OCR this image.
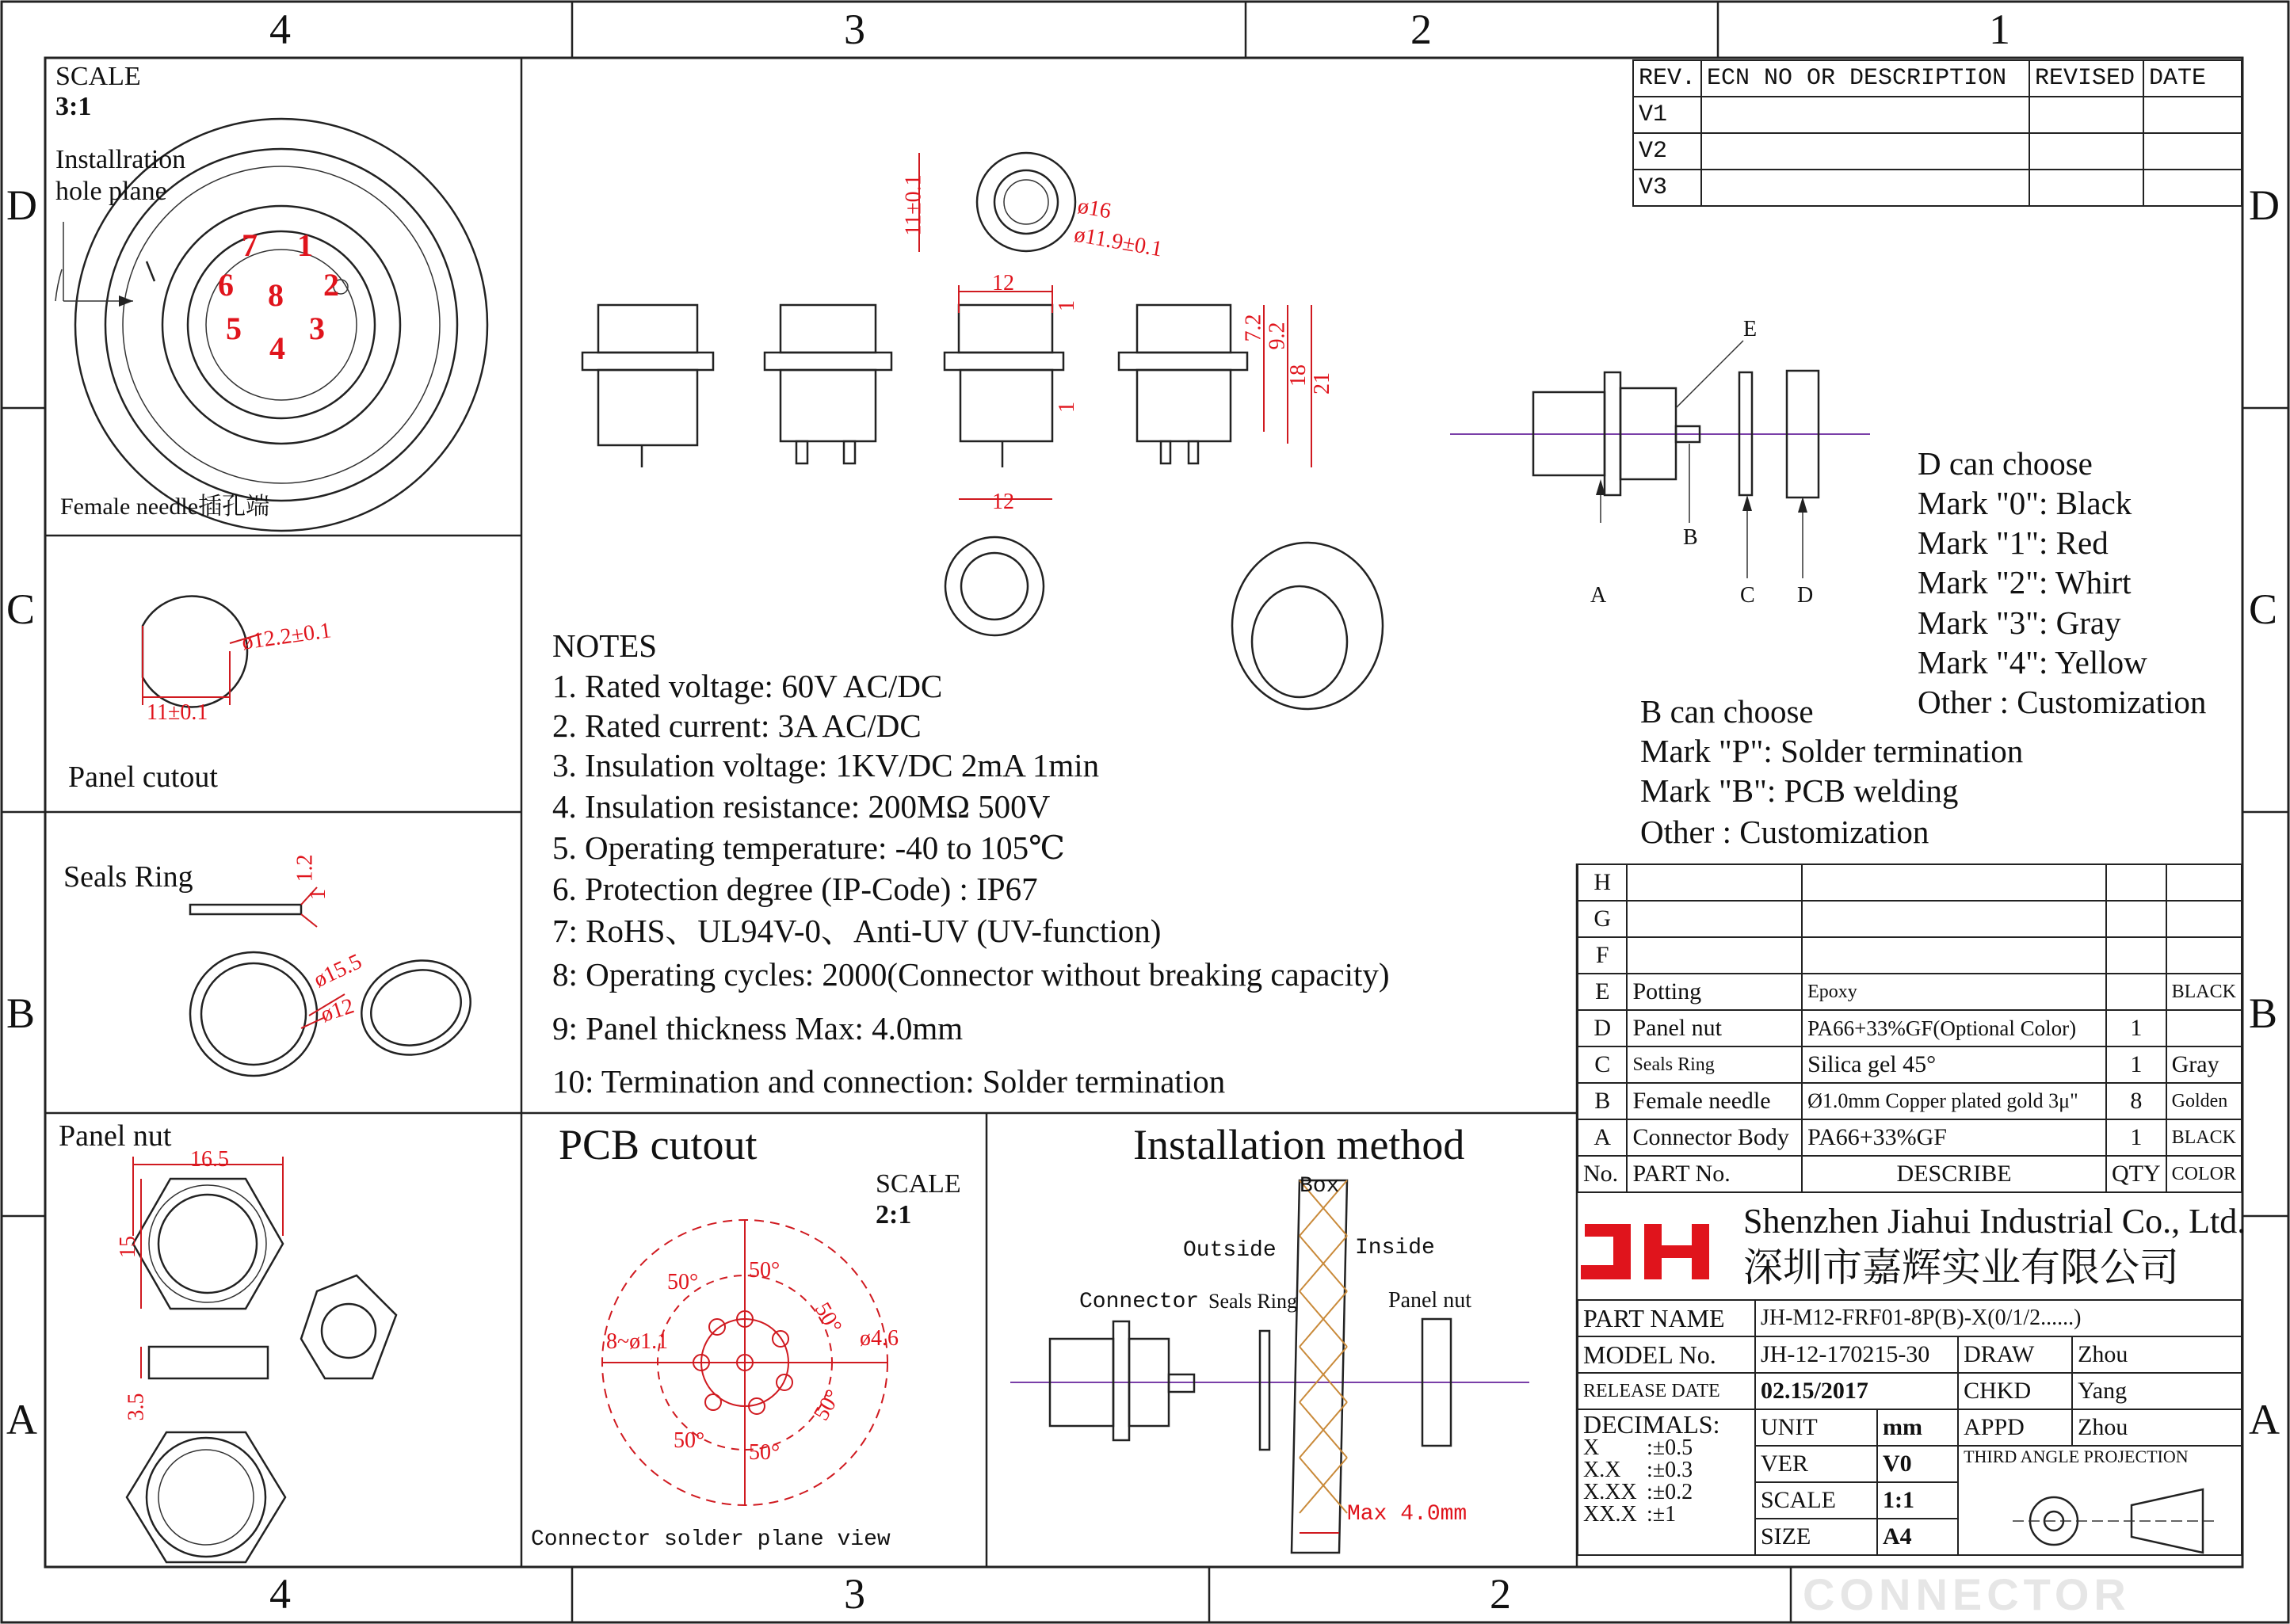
4	3	2	1
4	3	2
D
C
B
A
D
C
B
A
SCALE
3:1
Installration hole plane
Female needle插孔端
1
2
3
4
5
6
7
8
ø12.2±0.1
11±0.1
Panel cutout
Seals Ring	1.2
1
ø15.5
ø12
Panel nut
16.5
15
3.5
11±0.1	ø16
ø11.9±0.1
12
1
1
12
7.2 9.2
18 21
NOTES
1. Rated voltage: 60V AC/DC
2. Rated current: 3A AC/DC
3. Insulation voltage: 1KV/DC 2mA 1min
4. Insulation resistance: 200MΩ 500V
5. Operating temperature: -40 to 105℃
6. Protection degree (IP-Code) : IP67
7: RoHS、UL94V-0、Anti-UV (UV-function)
8: Operating cycles: 2000(Connector without breaking capacity)
9: Panel thickness Max: 4.0mm
10: Termination and connection: Solder termination
A
B
C D
E
D can choose
Mark "0": Black
Mark "1": Red
Mark "2": Whirt
Mark "3": Gray
Mark "4": Yellow
Other : Customization
B can choose
Mark "P": Solder termination
Mark "B": PCB welding
Other : Customization
REV.	ECN NO OR DESCRIPTION	REVISED	DATE
V1			
V2			
V3			
H				
G				
F				
E	Potting	Epoxy		BLACK
D	Panel nut	PA66+33%GF(Optional Color)	1	
C	Seals Ring	Silica gel 45°	1	Gray
B	Female needle	Ø1.0mm Copper plated gold 3μ"	8	Golden
A	Connector Body	PA66+33%GF	1	BLACK
No.	PART No.	DESCRIBE	QTY	COLOR
Shenzhen Jiahui Industrial Co., Ltd.
深圳市嘉辉实业有限公司
PART NAME	JH-M12-FRF01-8P(B)-X(0/1/2......)			
MODEL No.	JH-12-170215-30		DRAW	Zhou
RELEASE DATE	02.15/2017		CHKD	Yang

DECIMALS:
X :±0.5
X.X :±0.3
X.XX :±0.2
XX.X :±1	UNIT	mm	APPD	Zhou
	VER	V0	THIRD ANGLE PROJECTION	

	SCALE	1:1		
	SIZE	A4		
PCB cutout
SCALE
2:1
50° 50°
50°
50°
50°
50°
8~ø1.1	ø4.6
Connector solder plane view
Installation method
Box
Outside	Inside
Connector Seals Ring	Panel nut
Max 4.0mm
CONNECTOR
